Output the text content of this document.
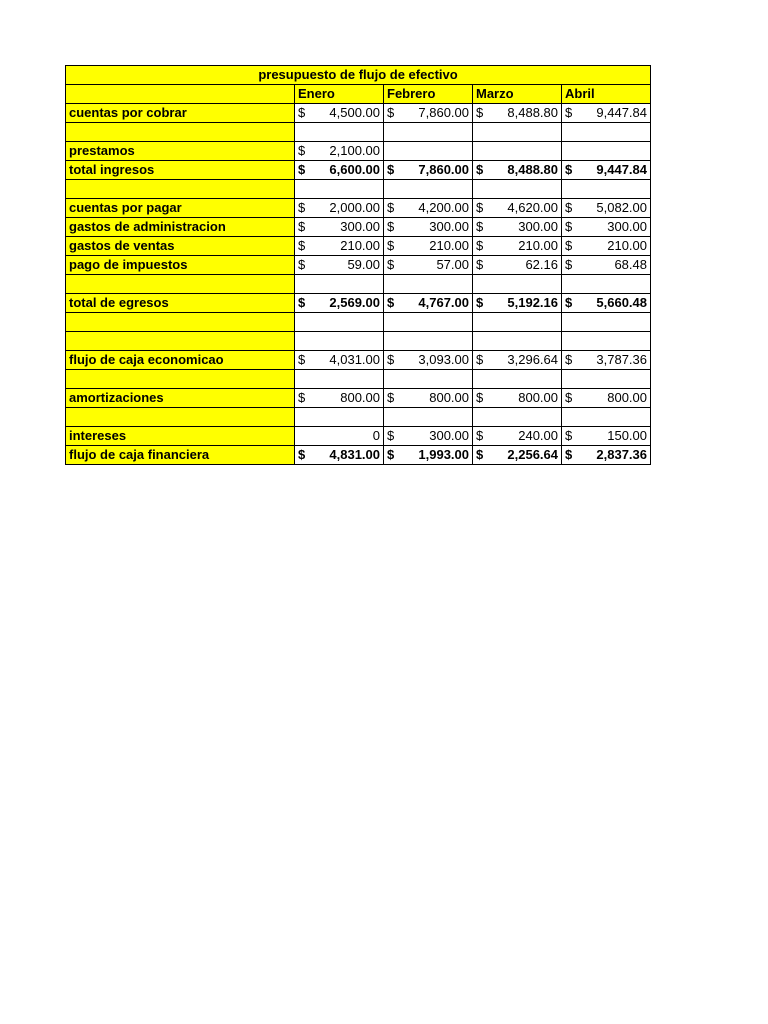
presupuesto de flujo de efectivo				
	Enero	Febrero	Marzo	Abril
cuentas por cobrar	$ 4,500.00	$ 7,860.00	$ 8,488.80	$ 9,447.84

prestamos	$ 2,100.00			

total ingresos	$ 6,600.00	$ 7,860.00	$ 8,488.80	$ 9,447.84

cuentas por pagar	$ 2,000.00	$ 4,200.00	$ 4,620.00	$ 5,082.00

gastos de administracion	$ 300.00	$ 300.00	$ 300.00	$ 300.00

gastos de ventas	$ 210.00	$ 210.00	$ 210.00	$ 210.00

pago de impuestos	$ 59.00	$ 57.00	$ 62.16	$ 68.48

total de egresos	$ 2,569.00	$ 4,767.00	$ 5,192.16	$ 5,660.48

flujo de caja economicao	$ 4,031.00	$ 3,093.00	$ 3,296.64	$ 3,787.36

amortizaciones	$ 800.00	$ 800.00	$ 800.00	$ 800.00

intereses	0	$ 300.00	$ 240.00	$ 150.00

flujo de caja financiera	$ 4,831.00	$ 1,993.00	$ 2,256.64	$ 2,837.36
